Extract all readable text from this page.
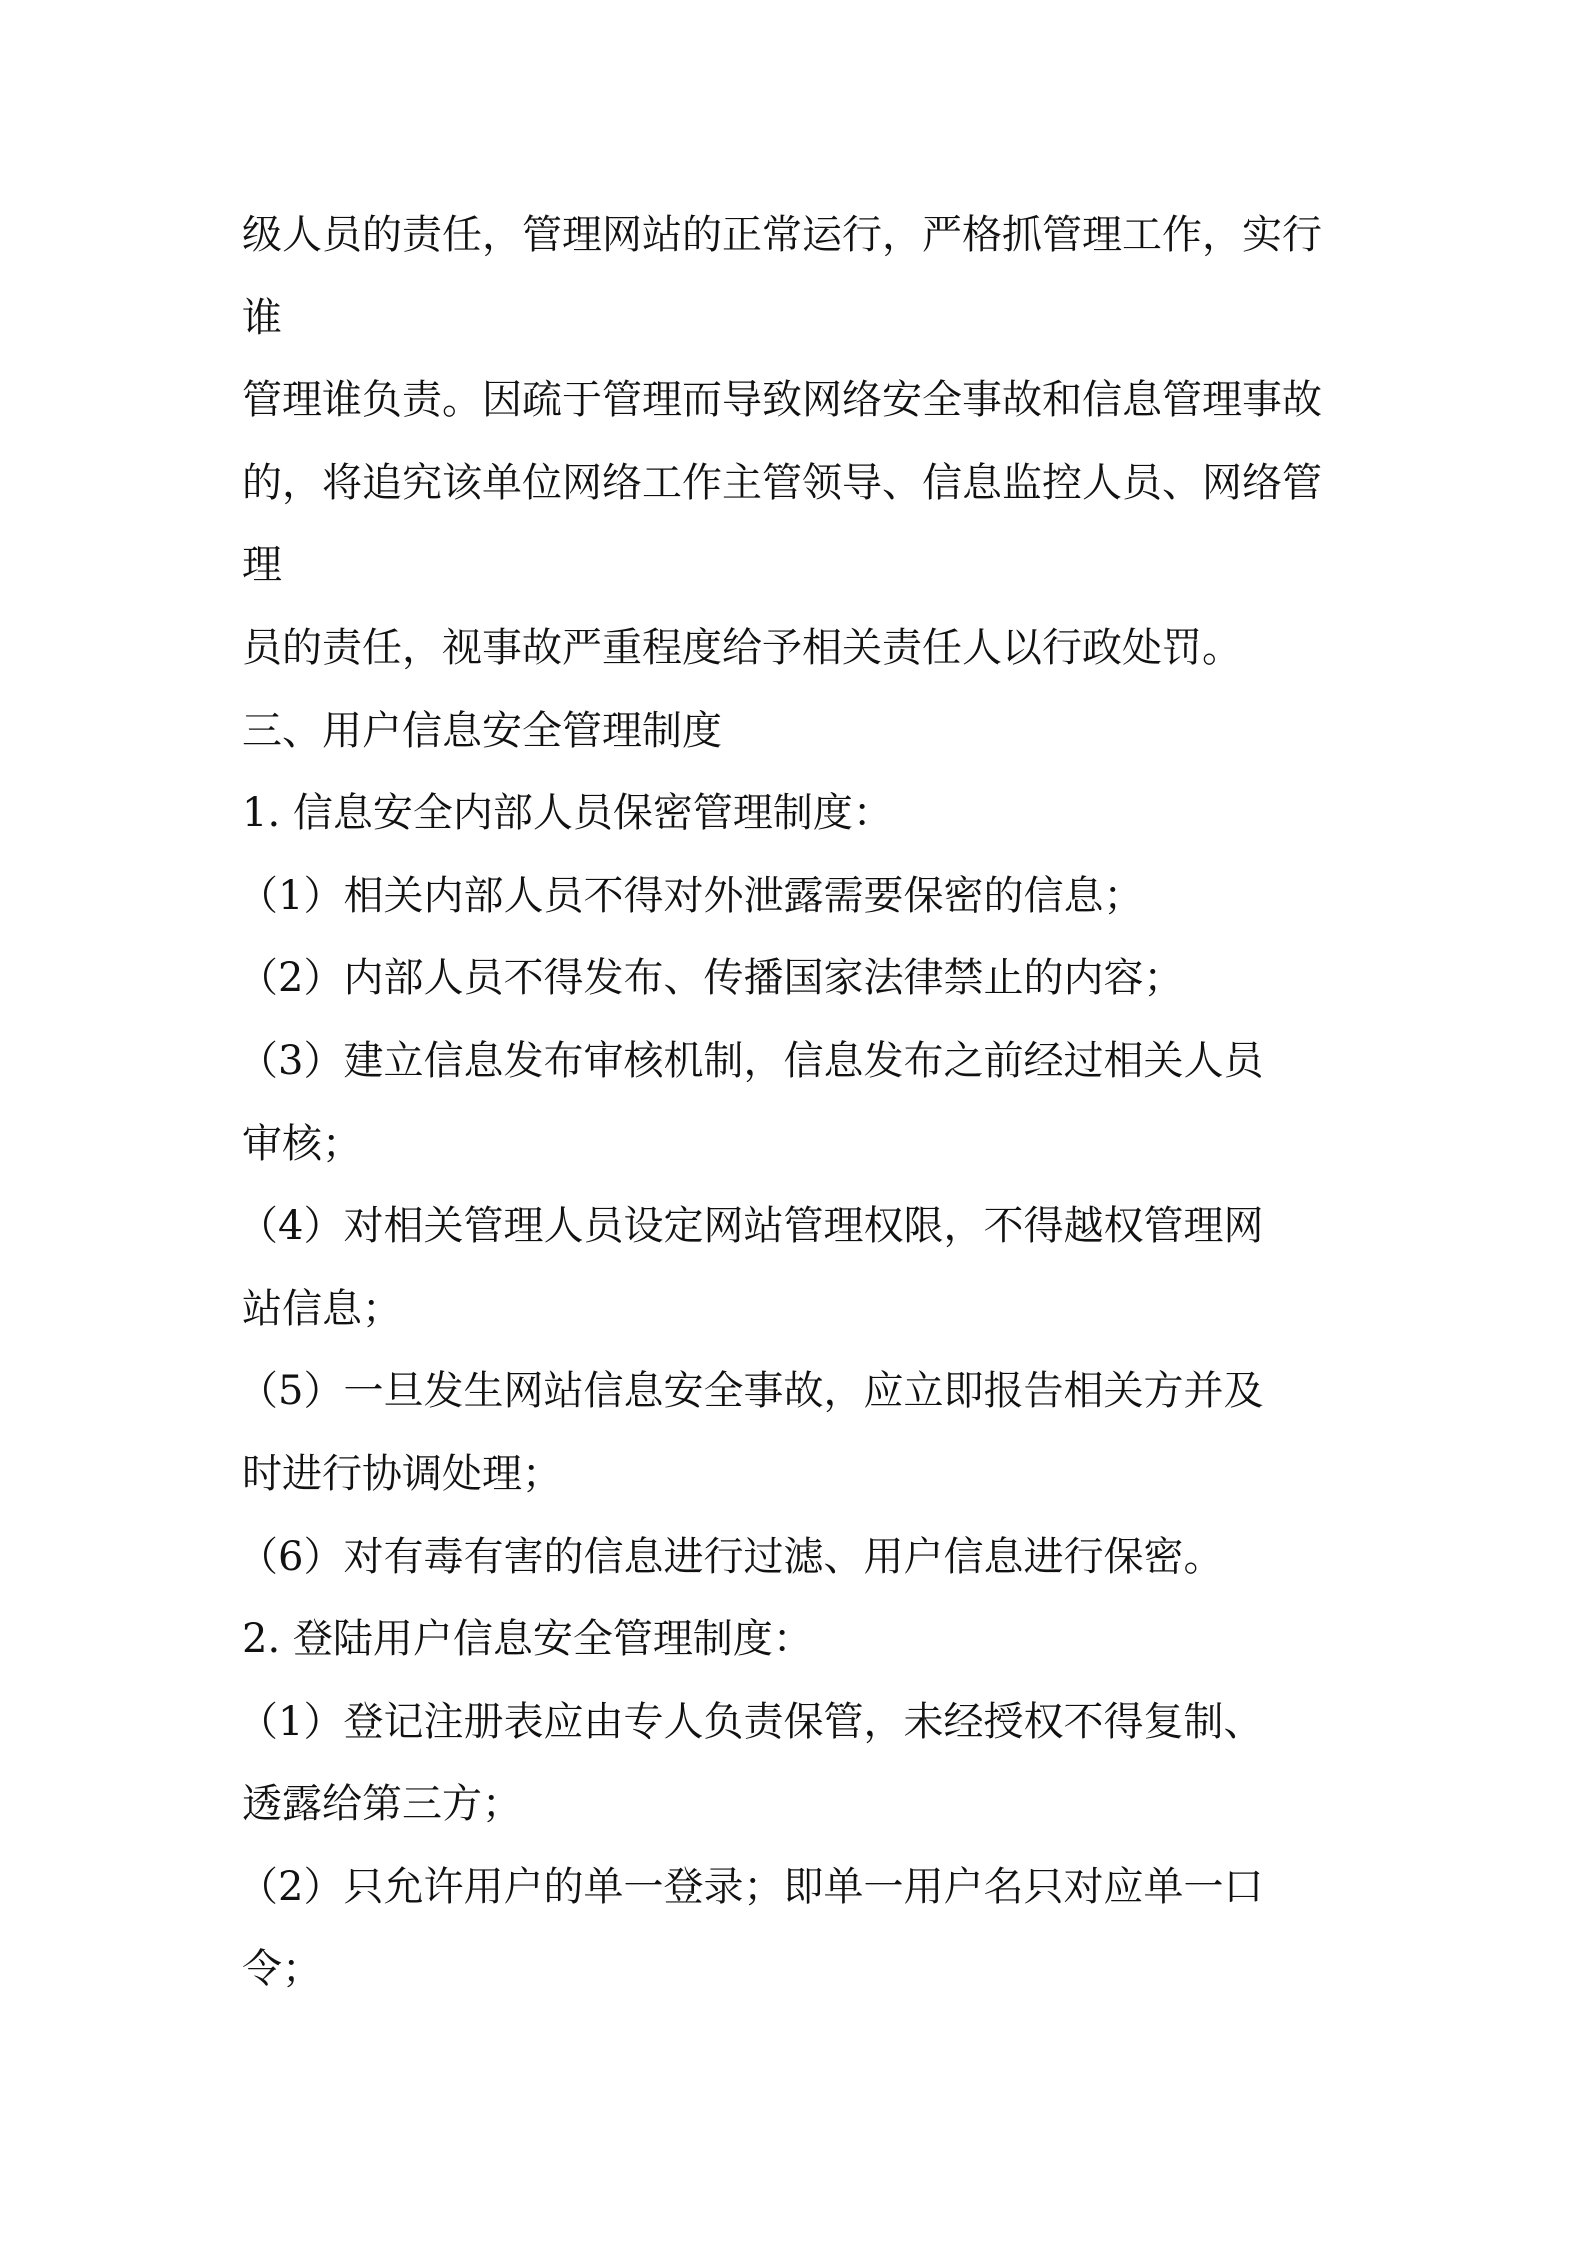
级人员的责任，管理网站的正常运行，严格抓管理工作，实行

谁

管理谁负责。因疏于管理而导致网络安全事故和信息管理事故

的，将追究该单位网络工作主管领导、信息监控人员、网络管

理

员的责任，视事故严重程度给予相关责任人以行政处罚。

三、用户信息安全管理制度

1. 信息安全内部人员保密管理制度：

（1）相关内部人员不得对外泄露需要保密的信息；

（2）内部人员不得发布、传播国家法律禁止的内容；

（3）建立信息发布审核机制，信息发布之前经过相关人员

审核；

（4）对相关管理人员设定网站管理权限，不得越权管理网

站信息；

（5）一旦发生网站信息安全事故，应立即报告相关方并及

时进行协调处理；

（6）对有毒有害的信息进行过滤、用户信息进行保密。

2. 登陆用户信息安全管理制度：

（1）登记注册表应由专人负责保管，未经授权不得复制、

透露给第三方；

（2）只允许用户的单一登录；即单一用户名只对应单一口

令；
